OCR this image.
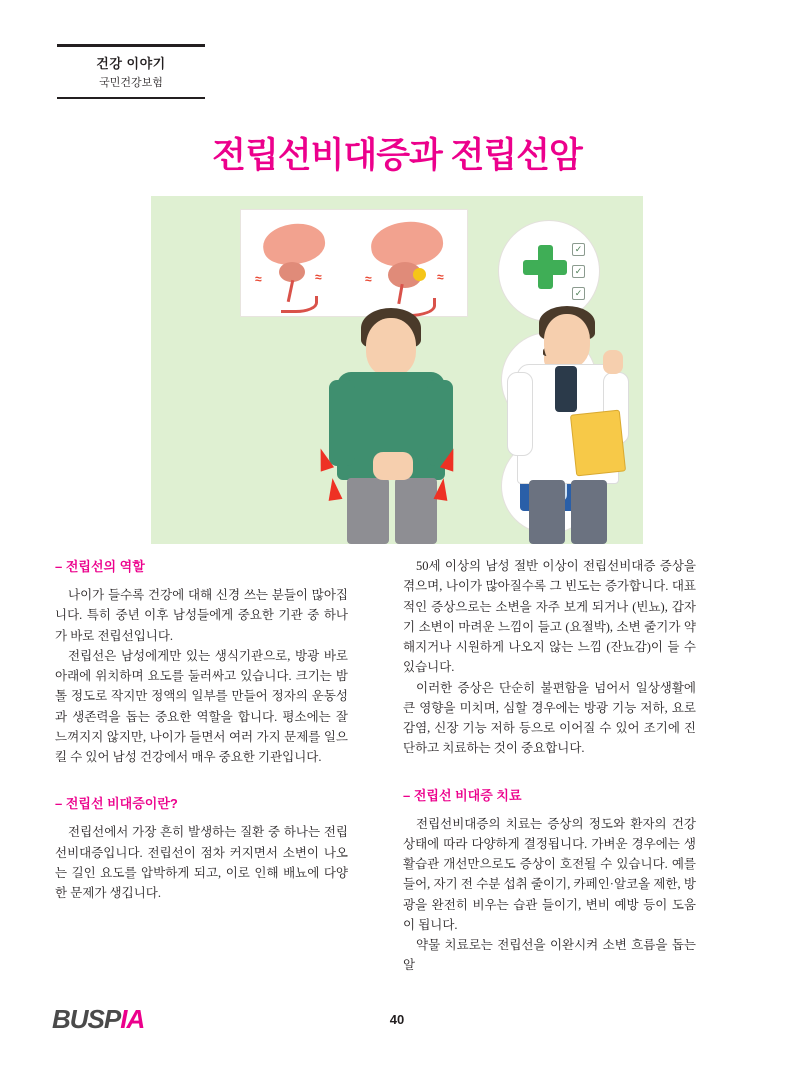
건강 이야기
국민건강보험
전립선비대증과 전립선암
≈	≈	≈	≈
✓
✓
✓
– 전립선의 역할

나이가 들수록 건강에 대해 신경 쓰는 분들이 많아집니다. 특히 중년 이후 남성들에게 중요한 기관 중 하나가 바로 전립선입니다.

전립선은 남성에게만 있는 생식기관으로, 방광 바로 아래에 위치하며 요도를 둘러싸고 있습니다. 크기는 밤톨 정도로 작지만 정액의 일부를 만들어 정자의 운동성과 생존력을 돕는 중요한 역할을 합니다. 평소에는 잘 느껴지지 않지만, 나이가 들면서 여러 가지 문제를 일으킬 수 있어 남성 건강에서 매우 중요한 기관입니다.

– 전립선 비대증이란?

전립선에서 가장 흔히 발생하는 질환 중 하나는 전립선비대증입니다. 전립선이 점차 커지면서 소변이 나오는 길인 요도를 압박하게 되고, 이로 인해 배뇨에 다양한 문제가 생깁니다.

50세 이상의 남성 절반 이상이 전립선비대증 증상을 겪으며, 나이가 많아질수록 그 빈도는 증가합니다. 대표적인 증상으로는 소변을 자주 보게 되거나 (빈뇨), 갑자기 소변이 마려운 느낌이 들고 (요절박), 소변 줄기가 약해지거나 시원하게 나오지 않는 느낌 (잔뇨감)이 들 수 있습니다.

이러한 증상은 단순히 불편함을 넘어서 일상생활에 큰 영향을 미치며, 심할 경우에는 방광 기능 저하, 요로감염, 신장 기능 저하 등으로 이어질 수 있어 조기에 진단하고 치료하는 것이 중요합니다.

– 전립선 비대증 치료

전립선비대증의 치료는 증상의 정도와 환자의 건강 상태에 따라 다양하게 결정됩니다. 가벼운 경우에는 생활습관 개선만으로도 증상이 호전될 수 있습니다. 예를 들어, 자기 전 수분 섭취 줄이기, 카페인·알코올 제한, 방광을 완전히 비우는 습관 들이기, 변비 예방 등이 도움이 됩니다.

약물 치료로는 전립선을 이완시켜 소변 흐름을 돕는 알

BUSPIA	40
